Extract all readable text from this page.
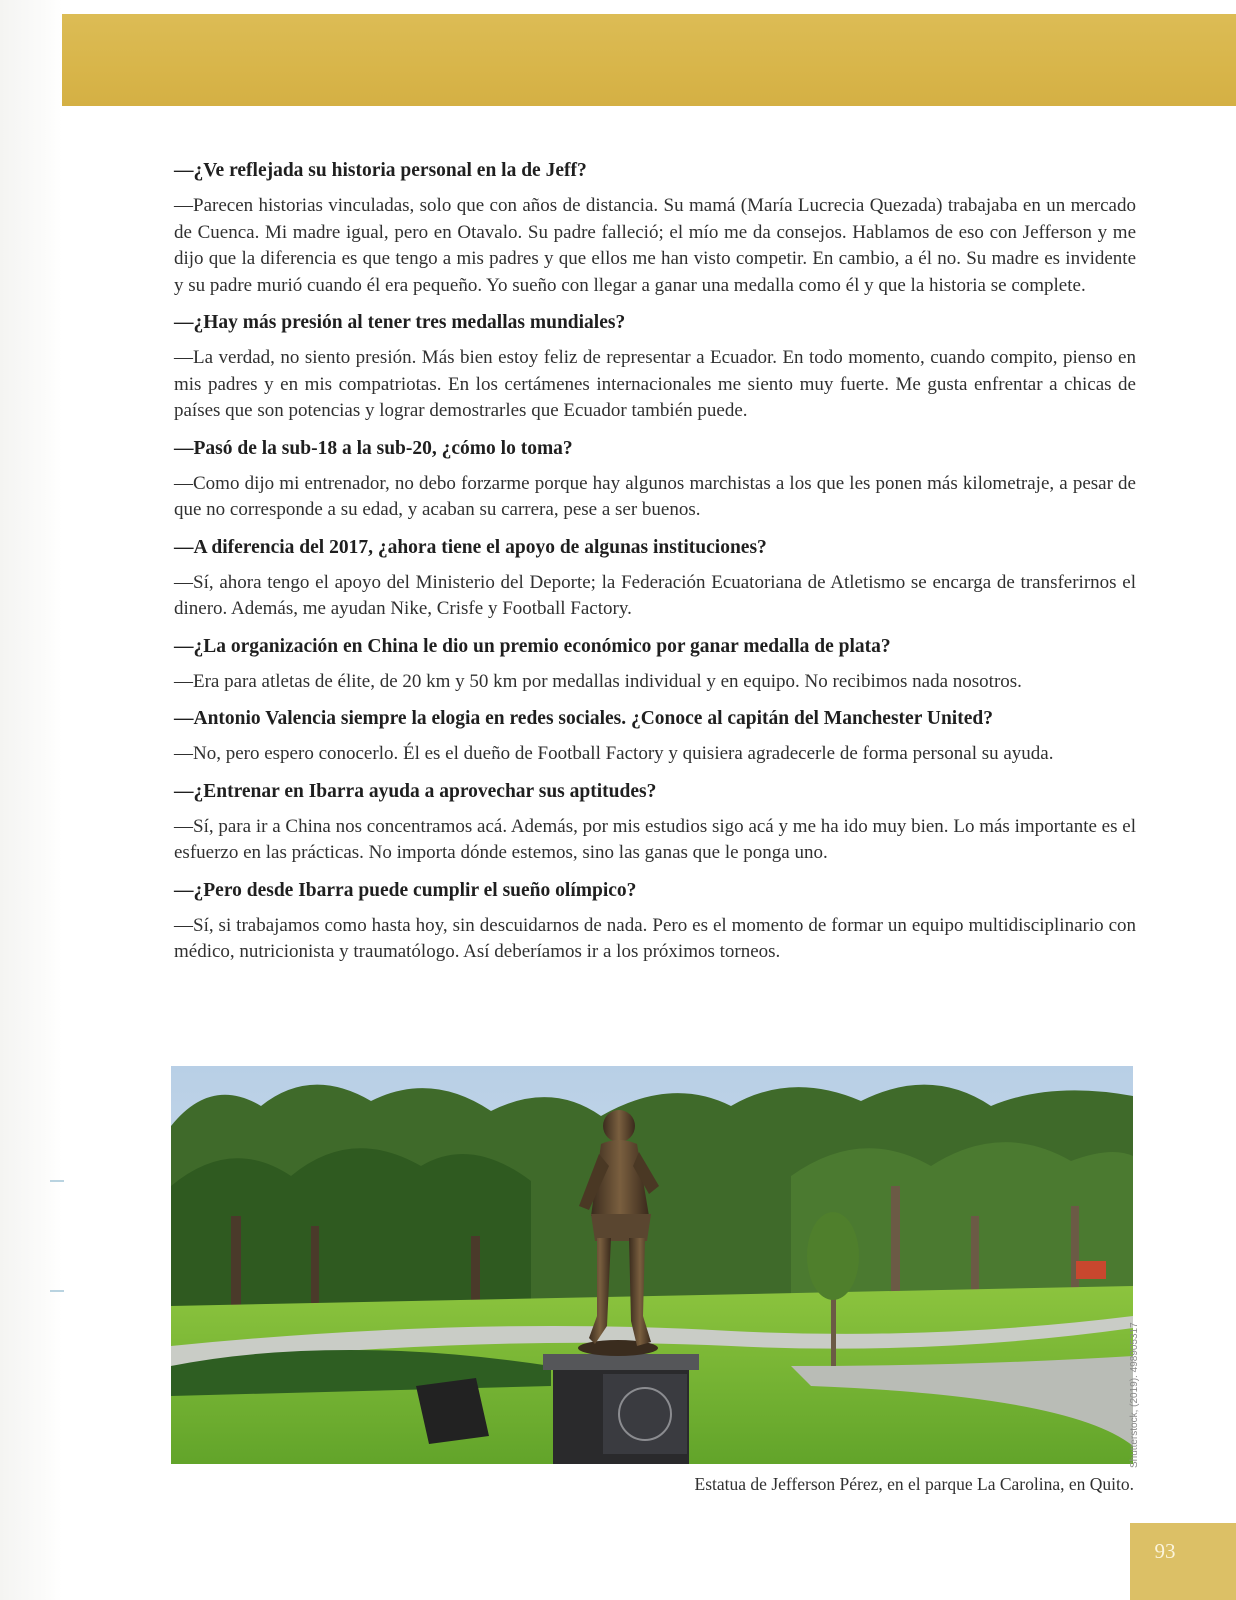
—¿Ve reflejada su historia personal en la de Jeff?

—Parecen historias vinculadas, solo que con años de distancia. Su mamá (María Lucrecia Quezada) trabajaba en un mercado de Cuenca. Mi madre igual, pero en Otavalo. Su padre falleció; el mío me da consejos. Hablamos de eso con Jefferson y me dijo que la diferencia es que tengo a mis padres y que ellos me han visto competir. En cambio, a él no. Su madre es invidente y su padre murió cuando él era pequeño. Yo sueño con llegar a ganar una medalla como él y que la historia se complete.

—¿Hay más presión al tener tres medallas mundiales?

—La verdad, no siento presión. Más bien estoy feliz de representar a Ecuador. En todo momento, cuando compito, pienso en mis padres y en mis compatriotas. En los certámenes internacionales me siento muy fuerte. Me gusta enfrentar a chicas de países que son potencias y lograr demostrarles que Ecuador también puede.

—Pasó de la sub-18 a la sub-20, ¿cómo lo toma?

—Como dijo mi entrenador, no debo forzarme porque hay algunos marchistas a los que les ponen más kilometraje, a pesar de que no corresponde a su edad, y acaban su carrera, pese a ser buenos.

—A diferencia del 2017, ¿ahora tiene el apoyo de algunas instituciones?

—Sí, ahora tengo el apoyo del Ministerio del Deporte; la Federación Ecuatoriana de Atletismo se encarga de transferirnos el dinero. Además, me ayudan Nike, Crisfe y Football Factory.

—¿La organización en China le dio un premio económico por ganar medalla de plata?

—Era para atletas de élite, de 20 km y 50 km por medallas individual y en equipo. No recibimos nada nosotros.

—Antonio Valencia siempre la elogia en redes sociales. ¿Conoce al capitán del Manchester United?

—No, pero espero conocerlo. Él es el dueño de Football Factory y quisiera agradecerle de forma personal su ayuda.

—¿Entrenar en Ibarra ayuda a aprovechar sus aptitudes?

—Sí, para ir a China nos concentramos acá. Además, por mis estudios sigo acá y me ha ido muy bien. Lo más importante es el esfuerzo en las prácticas. No importa dónde estemos, sino las ganas que le ponga uno.

—¿Pero desde Ibarra puede cumplir el sueño olímpico?

—Sí, si trabajamos como hasta hoy, sin descuidarnos de nada. Pero es el momento de formar un equipo multidisciplinario con médico, nutricionista y traumatólogo. Así deberíamos ir a los próximos torneos.

Shutterstock, (2019). 498905317
Estatua de Jefferson Pérez, en el parque La Carolina, en Quito.
93
